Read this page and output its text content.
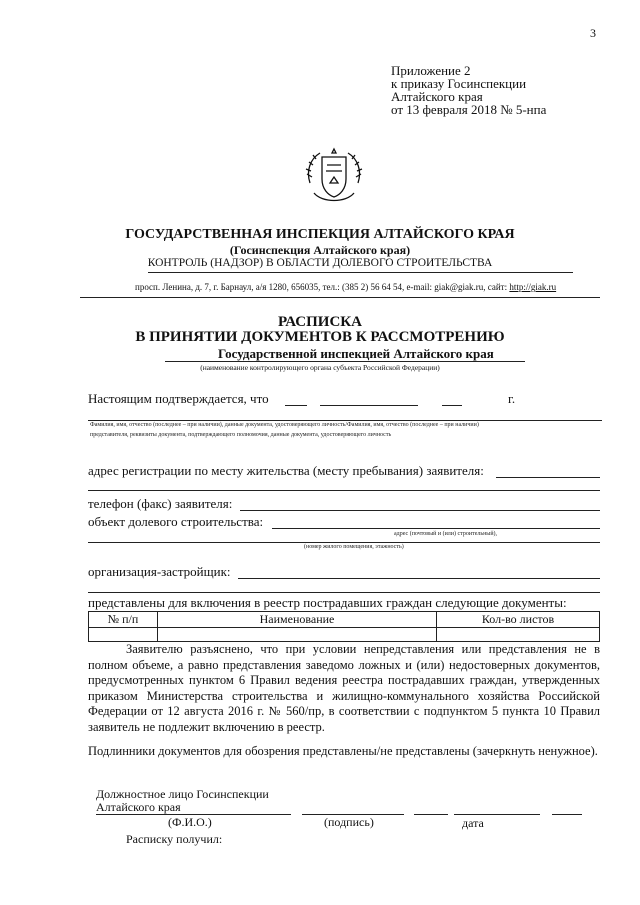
3
Приложение 2
к приказу Госинспекции
Алтайского края
от 13 февраля 2018 № 5-нпа
ГОСУДАРСТВЕННАЯ ИНСПЕКЦИЯ АЛТАЙСКОГО КРАЯ
(Госинспекция Алтайского края)
КОНТРОЛЬ (НАДЗОР) В ОБЛАСТИ ДОЛЕВОГО СТРОИТЕЛЬСТВА
просп. Ленина, д. 7, г. Барнаул, а/я 1280, 656035, тел.: (385 2) 56 64 54, e-mail: giak@giak.ru, сайт: http://giak.ru
РАСПИСКА
В ПРИНЯТИИ ДОКУМЕНТОВ К РАССМОТРЕНИЮ
Государственной инспекцией Алтайского края
(наименование контролирующего органа субъекта Российской Федерации)
Настоящим подтверждается, что	г.
Фамилия, имя, отчество (последнее – при наличии), данные документа, удостоверяющего личность/Фамилия, имя, отчество (последнее – при наличии)
представителя, реквизиты документа, подтверждающего полномочия, данные документа, удостоверяющего личность
адрес регистрации по месту жительства (месту пребывания) заявителя:
телефон (факс) заявителя:
объект долевого строительства:
адрес (почтовый и (или) строительный),
(номер жилого помещения, этажность)
организация-застройщик:
представлены для включения в реестр пострадавших граждан следующие документы:
№ п/п	Наименование	Кол-во листов

Заявителю разъяснено, что при условии непредставления или представления не в полном объеме, а равно представления заведомо ложных и (или) недостоверных документов, предусмотренных пунктом 6 Правил ведения реестра пострадавших граждан, утвержденных приказом Министерства строительства и жилищно-коммунального хозяйства Российской Федерации от 12 августа 2016 г. № 560/пр, в соответствии с подпунктом 5 пункта 10 Правил заявитель не подлежит включению в реестр.

Подлинники документов для обозрения представлены/не представлены (зачеркнуть ненужное).
Должностное лицо Госинспекции
Алтайского края
(Ф.И.О.)	(подпись)	дата
Расписку получил:
